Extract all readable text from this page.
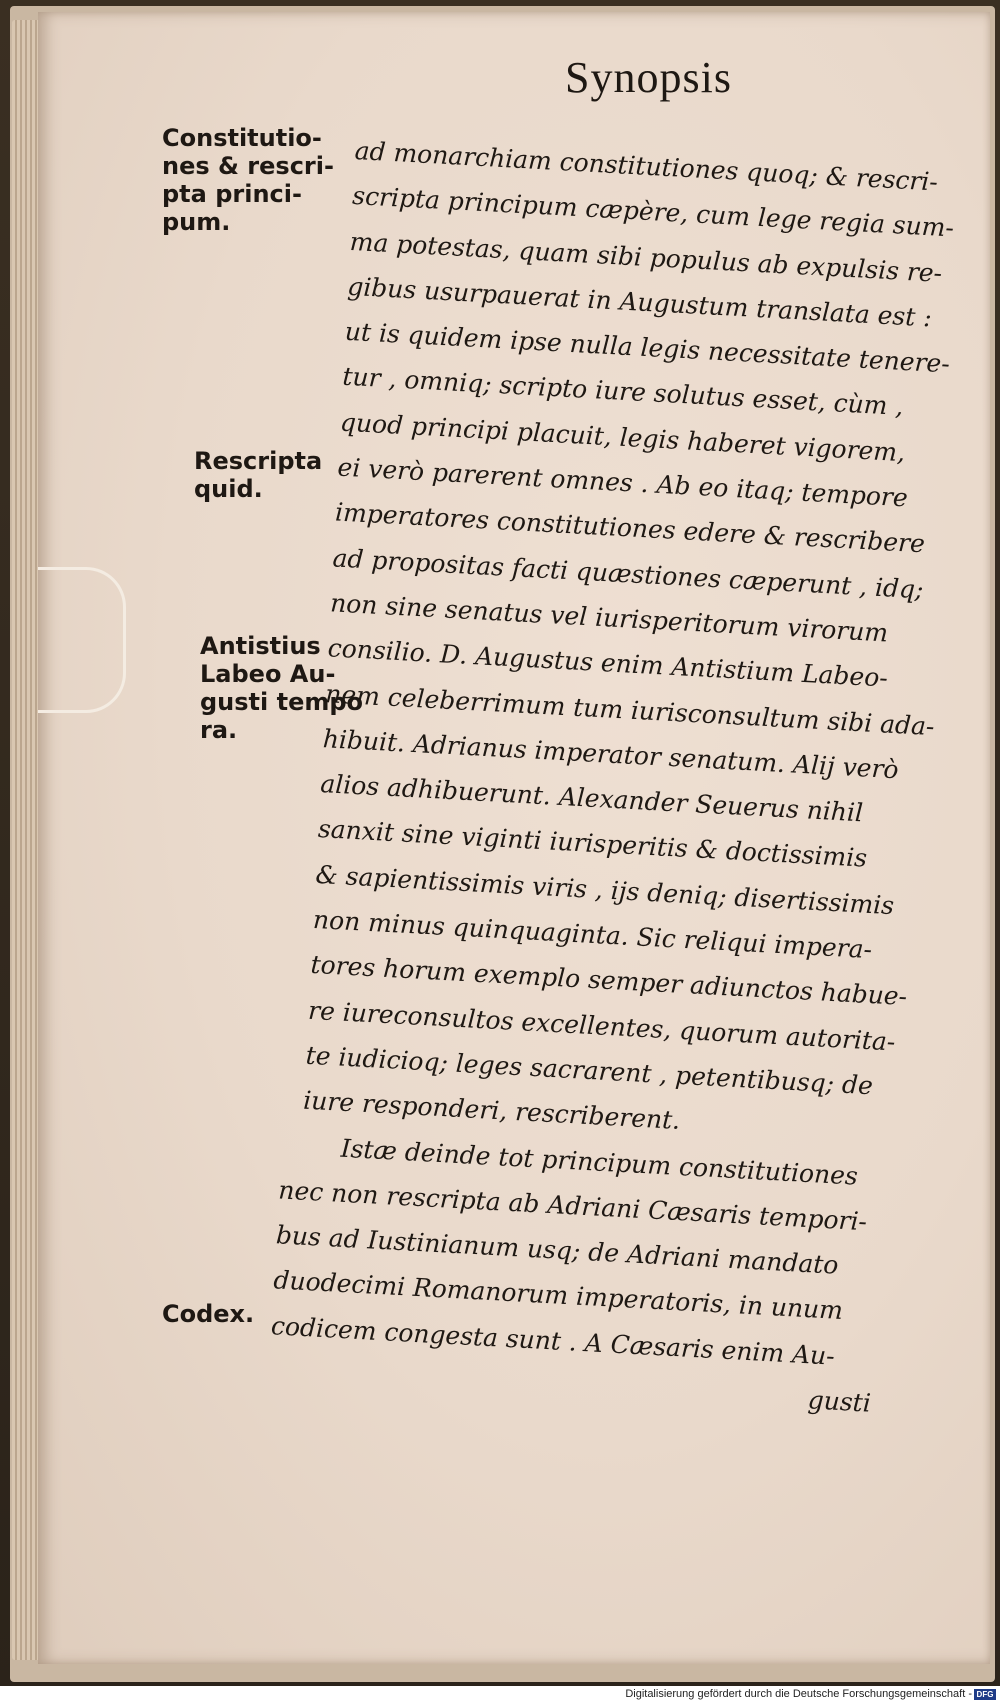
Synopsis
Constitutio-
nes & rescri-
pta princi-
pum.
Rescripta
quid.
Antistius
Labeo Au-
gusti tempo
ra.
Codex.
ad monarchiam constitutiones quoq; & rescri-
scripta principum cæpère, cum lege regia sum-
ma potestas, quam sibi populus ab expulsis re-
gibus usurpauerat in Augustum translata est :
ut is quidem ipse nulla legis necessitate tenere-
tur , omniq; scripto iure solutus esset, cùm ,
quod principi placuit, legis haberet vigorem,
ei verò parerent omnes . Ab eo itaq; tempore
imperatores constitutiones edere & rescribere
ad propositas facti quæstiones cæperunt , idq;
non sine senatus vel iurisperitorum virorum
consilio. D. Augustus enim Antistium Labeo-
nem celeberrimum tum iurisconsultum sibi ada-
hibuit. Adrianus imperator senatum. Alij verò
alios adhibuerunt. Alexander Seuerus nihil
sanxit sine viginti iurisperitis & doctissimis
& sapientissimis viris , ijs deniq; disertissimis
non minus quinquaginta. Sic reliqui impera-
tores horum exemplo semper adiunctos habue-
re iureconsultos excellentes, quorum autorita-
te iudicioq; leges sacrarent , petentibusq; de
iure responderi, rescriberent.
Istæ deinde tot principum constitutiones
nec non rescripta ab Adriani Cæsaris tempori-
bus ad Iustinianum usq; de Adriani mandato
duodecimi Romanorum imperatoris, in unum
codicem congesta sunt . A Cæsaris enim Au-
gusti
Digitalisierung gefördert durch die Deutsche Forschungsgemeinschaft - DFG
